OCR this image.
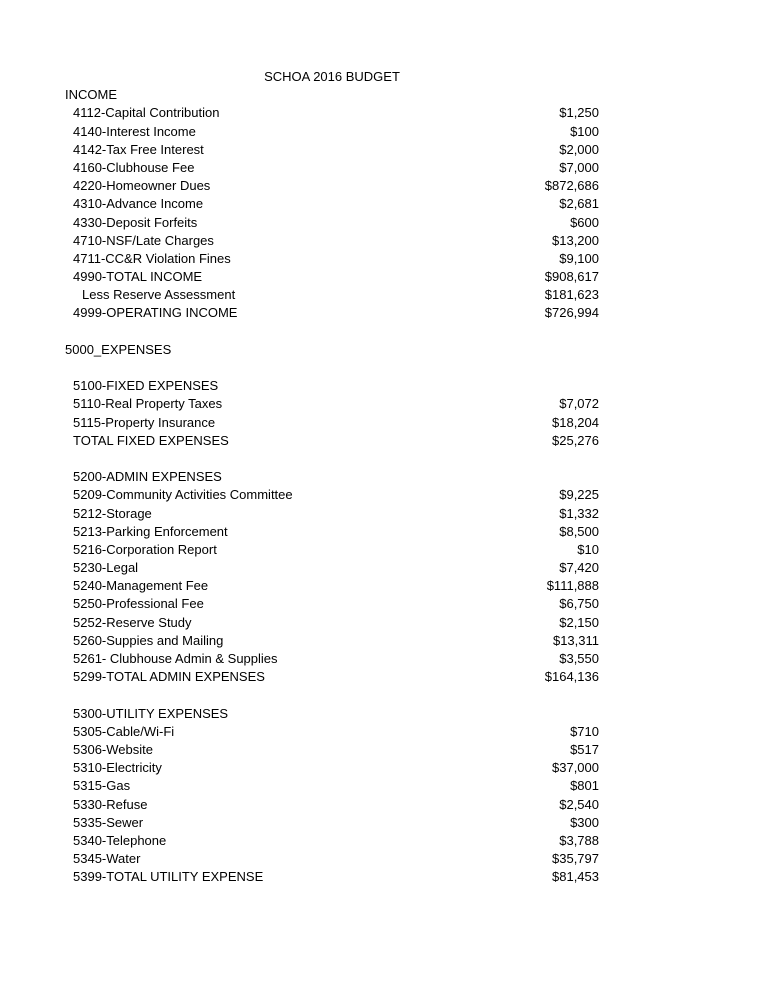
SCHOA 2016 BUDGET
INCOME
4112-Capital Contribution	$1,250
4140-Interest Income	$100
4142-Tax Free Interest	$2,000
4160-Clubhouse Fee	$7,000
4220-Homeowner Dues	$872,686
4310-Advance Income	$2,681
4330-Deposit Forfeits	$600
4710-NSF/Late Charges	$13,200
4711-CC&R Violation Fines	$9,100
4990-TOTAL INCOME	$908,617
Less Reserve Assessment	$181,623
4999-OPERATING INCOME	$726,994
5000_EXPENSES
5100-FIXED EXPENSES
5110-Real Property Taxes	$7,072
5115-Property Insurance	$18,204
TOTAL FIXED EXPENSES	$25,276
5200-ADMIN EXPENSES
5209-Community Activities Committee	$9,225
5212-Storage	$1,332
5213-Parking Enforcement	$8,500
5216-Corporation Report	$10
5230-Legal	$7,420
5240-Management Fee	$111,888
5250-Professional Fee	$6,750
5252-Reserve Study	$2,150
5260-Suppies and Mailing	$13,311
5261- Clubhouse Admin & Supplies	$3,550
5299-TOTAL ADMIN EXPENSES	$164,136
5300-UTILITY EXPENSES
5305-Cable/Wi-Fi	$710
5306-Website	$517
5310-Electricity	$37,000
5315-Gas	$801
5330-Refuse	$2,540
5335-Sewer	$300
5340-Telephone	$3,788
5345-Water	$35,797
5399-TOTAL UTILITY EXPENSE	$81,453
